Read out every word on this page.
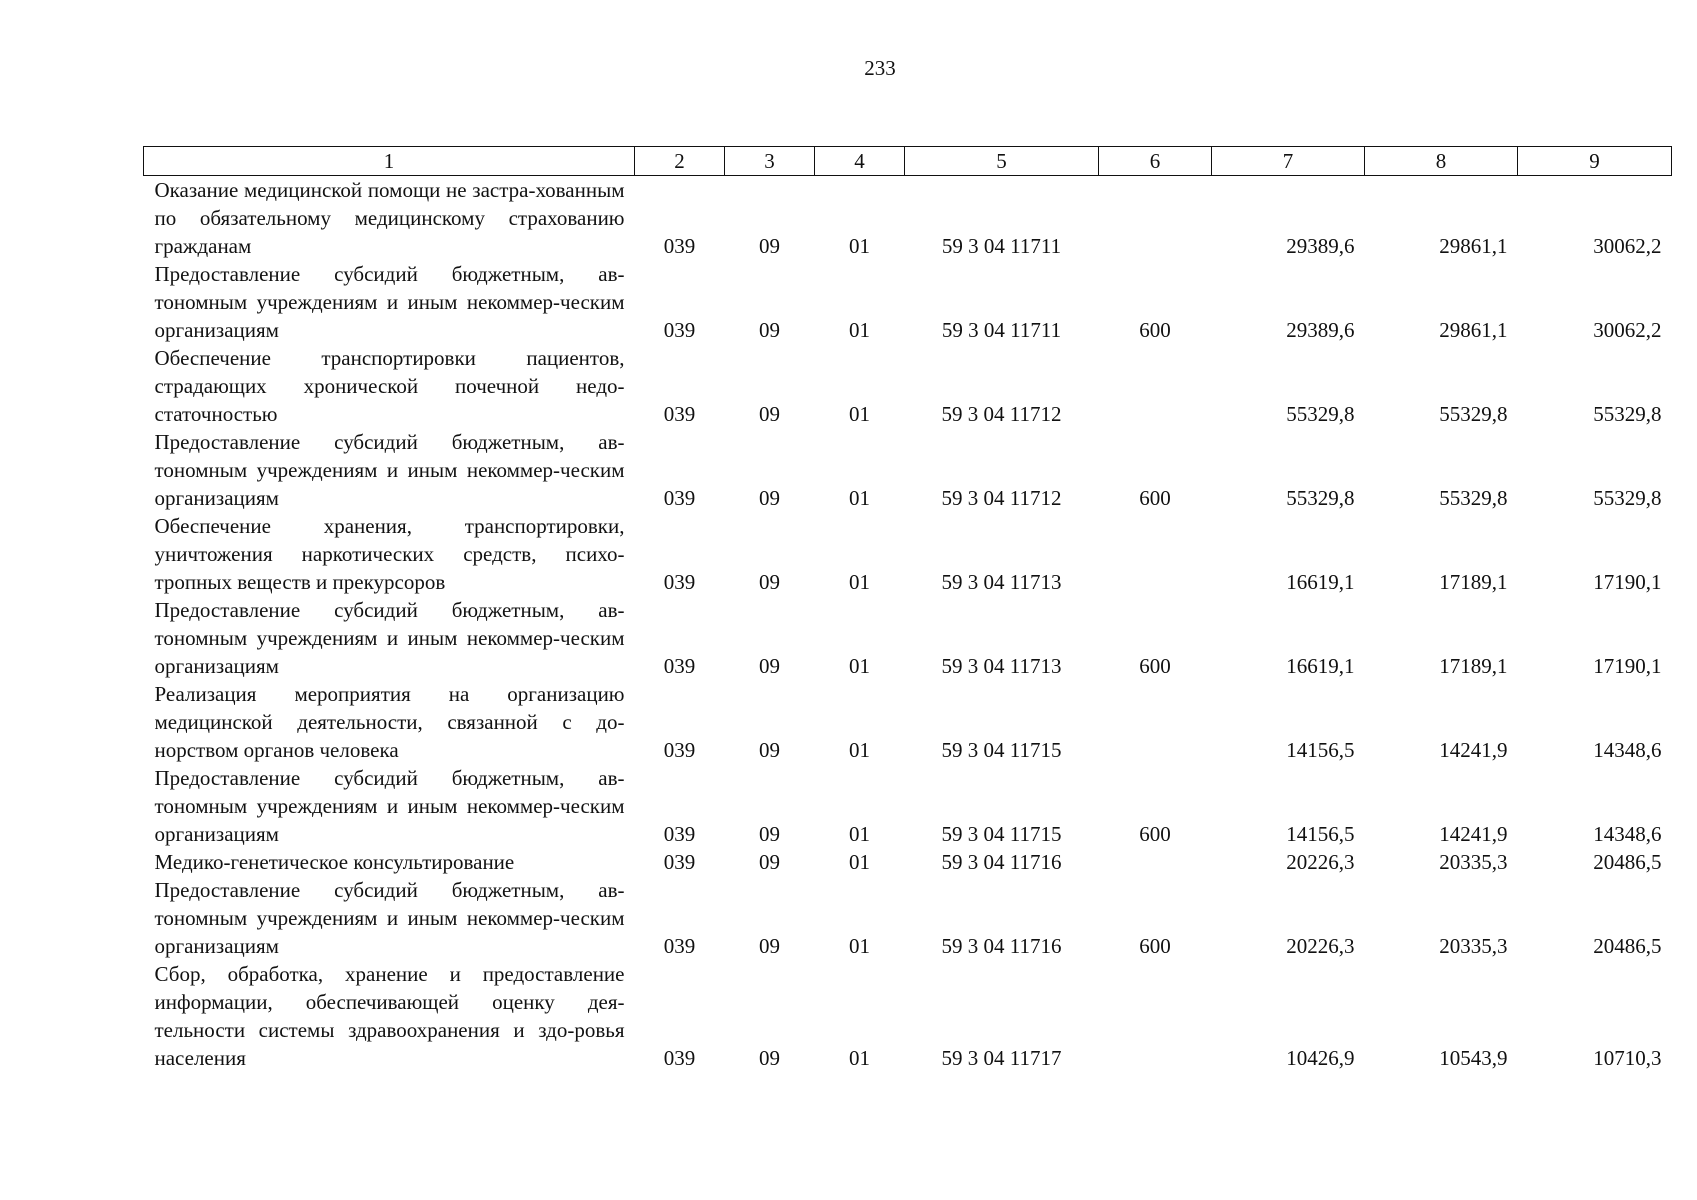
233
1	2	3	4	5	6	7	8	9
Оказание медицинской помощи не застра-хованным по обязательному медицинскому страхованию гражданам	039	09	01	59 3 04 11711		29389,6	29861,1	30062,2
Предоставление субсидий бюджетным, ав-тономным учреждениям и иным некоммер-ческим организациям	039	09	01	59 3 04 11711	600	29389,6	29861,1	30062,2
Обеспечение транспортировки пациентов, страдающих хронической почечной недо-статочностью	039	09	01	59 3 04 11712		55329,8	55329,8	55329,8
Предоставление субсидий бюджетным, ав-тономным учреждениям и иным некоммер-ческим организациям	039	09	01	59 3 04 11712	600	55329,8	55329,8	55329,8
Обеспечение хранения, транспортировки, уничтожения наркотических средств, психо-тропных веществ и прекурсоров	039	09	01	59 3 04 11713		16619,1	17189,1	17190,1
Предоставление субсидий бюджетным, ав-тономным учреждениям и иным некоммер-ческим организациям	039	09	01	59 3 04 11713	600	16619,1	17189,1	17190,1
Реализация мероприятия на организацию медицинской деятельности, связанной с до-норством органов человека	039	09	01	59 3 04 11715		14156,5	14241,9	14348,6
Предоставление субсидий бюджетным, ав-тономным учреждениям и иным некоммер-ческим организациям	039	09	01	59 3 04 11715	600	14156,5	14241,9	14348,6
Медико-генетическое консультирование	039	09	01	59 3 04 11716		20226,3	20335,3	20486,5
Предоставление субсидий бюджетным, ав-тономным учреждениям и иным некоммер-ческим организациям	039	09	01	59 3 04 11716	600	20226,3	20335,3	20486,5
Сбор, обработка, хранение и предоставление информации, обеспечивающей оценку дея-тельности системы здравоохранения и здо-ровья населения	039	09	01	59 3 04 11717		10426,9	10543,9	10710,3
